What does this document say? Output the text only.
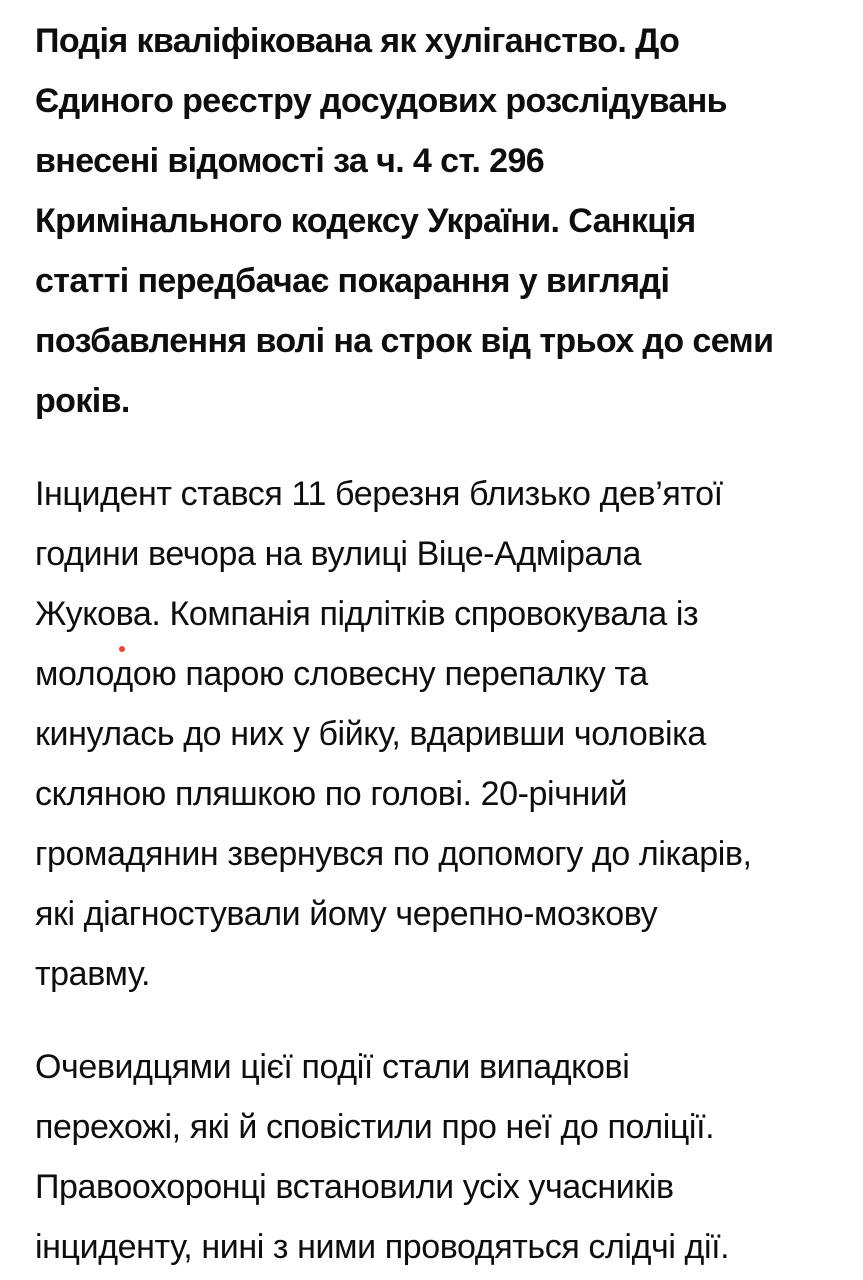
Подія кваліфікована як хуліганство. До
Єдиного реєстру досудових розслідувань
внесені відомості за ч. 4 ст. 296
Кримінального кодексу України. Санкція
статті передбачає покарання у вигляді
позбавлення волі на строк від трьох до семи
років.

Інцидент стався 11 березня близько дев’ятої
години вечора на вулиці Віце-Адмірала
Жукова. Компанія підлітків спровокувала із
молодою парою словесну перепалку та
кинулась до них у бійку, вдаривши чоловіка
скляною пляшкою по голові. 20-річний
громадянин звернувся по допомогу до лікарів,
які діагностували йому черепно-мозкову
травму.

Очевидцями цієї події стали випадкові
перехожі, які й сповістили про неї до поліції.
Правоохоронці встановили усіх учасників
інциденту, нині з ними проводяться слідчі дії.
